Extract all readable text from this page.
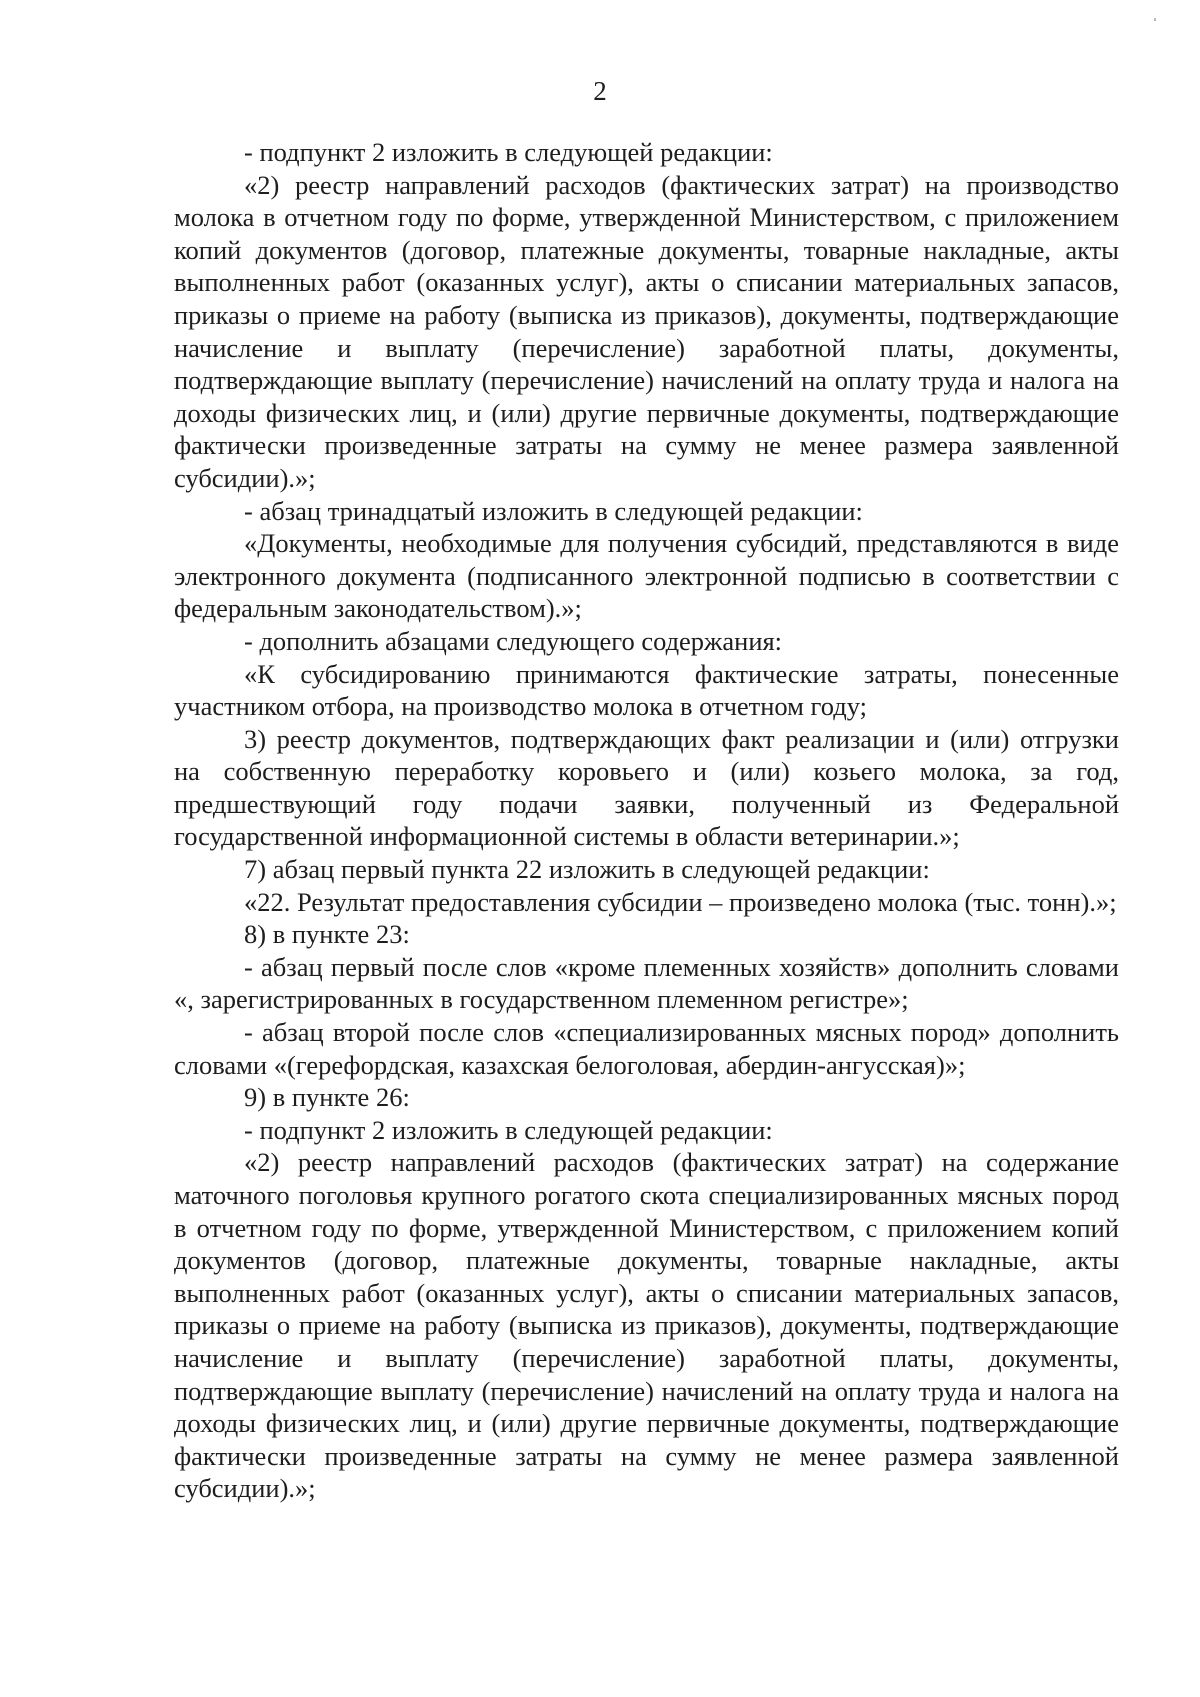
2

- подпункт 2 изложить в следующей редакции:

«2) реестр направлений расходов (фактических затрат) на производство молока в отчетном году по форме, утвержденной Министерством, с приложением копий документов (договор, платежные документы, товарные накладные, акты выполненных работ (оказанных услуг), акты о списании материальных запасов, приказы о приеме на работу (выписка из приказов), документы, подтверждающие начисление и выплату (перечисление) заработной платы, документы, подтверждающие выплату (перечисление) начислений на оплату труда и налога на доходы физических лиц, и (или) другие первичные документы, подтверждающие фактически произведенные затраты на сумму не менее размера заявленной субсидии).»;

- абзац тринадцатый изложить в следующей редакции:

«Документы, необходимые для получения субсидий, представляются в виде электронного документа (подписанного электронной подписью в соответствии с федеральным законодательством).»;

- дополнить абзацами следующего содержания:

«К субсидированию принимаются фактические затраты, понесенные участником отбора, на производство молока в отчетном году;

3) реестр документов, подтверждающих факт реализации и (или) отгрузки на собственную переработку коровьего и (или) козьего молока, за год, предшествующий году подачи заявки, полученный из Федеральной государственной информационной системы в области ветеринарии.»;

7) абзац первый пункта 22 изложить в следующей редакции:

«22. Результат предоставления субсидии – произведено молока (тыс. тонн).»;

8) в пункте 23:

- абзац первый после слов «кроме племенных хозяйств» дополнить словами «, зарегистрированных в государственном племенном регистре»;

- абзац второй после слов «специализированных мясных пород» дополнить словами «(герефордская, казахская белоголовая, абердин-ангусская)»;

9) в пункте 26:

- подпункт 2 изложить в следующей редакции:

«2) реестр направлений расходов (фактических затрат) на содержание маточного поголовья крупного рогатого скота специализированных мясных пород в отчетном году по форме, утвержденной Министерством, с приложением копий документов (договор, платежные документы, товарные накладные, акты выполненных работ (оказанных услуг), акты о списании материальных запасов, приказы о приеме на работу (выписка из приказов), документы, подтверждающие начисление и выплату (перечисление) заработной платы, документы, подтверждающие выплату (перечисление) начислений на оплату труда и налога на доходы физических лиц, и (или) другие первичные документы, подтверждающие фактически произведенные затраты на сумму не менее размера заявленной субсидии).»;
